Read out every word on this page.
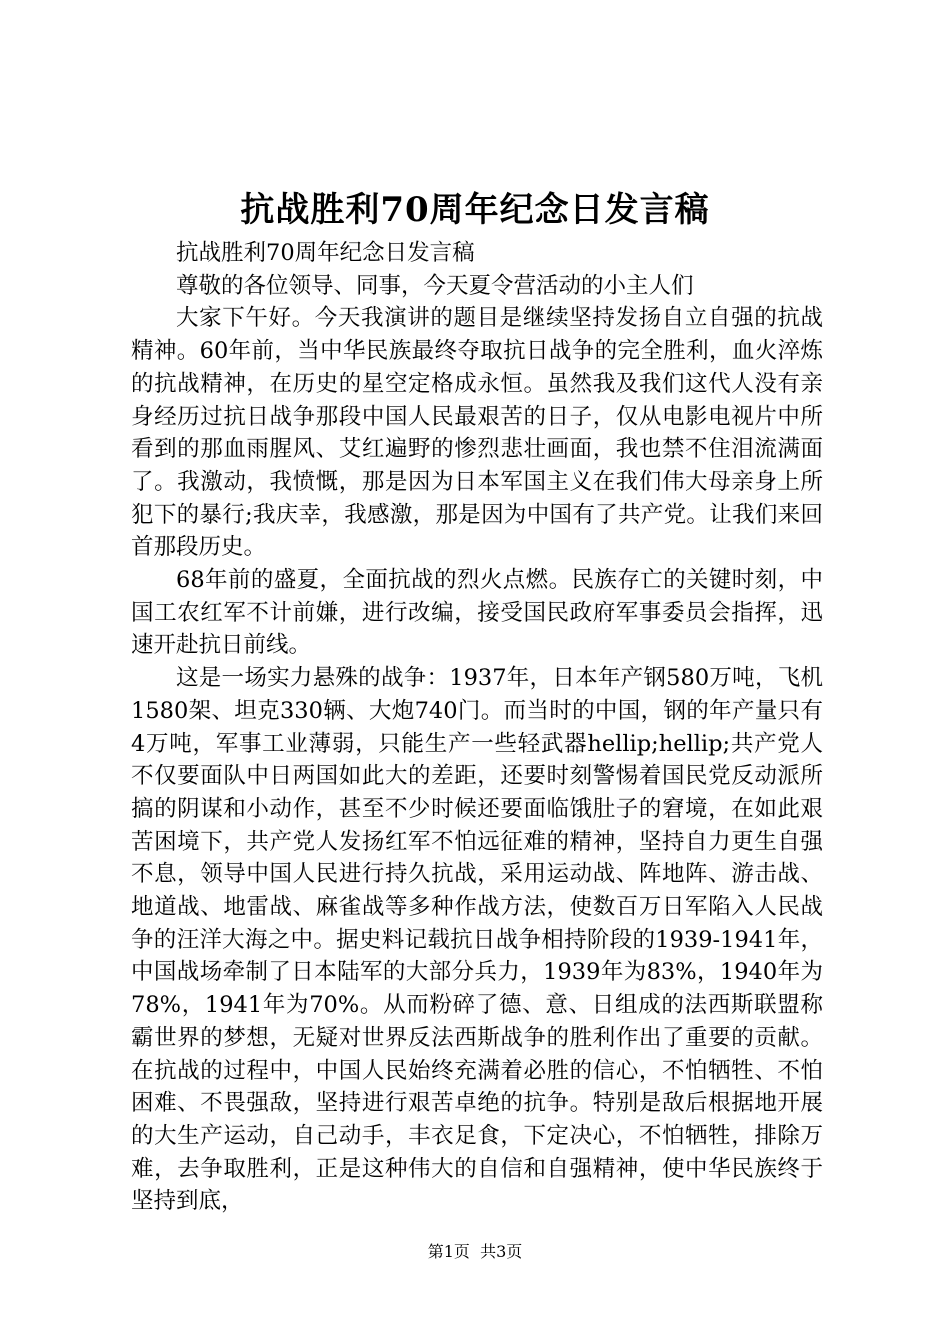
抗战胜利70周年纪念日发言稿

抗战胜利70周年纪念日发言稿

尊敬的各位领导、同事，今天夏令营活动的小主人们

大家下午好。今天我演讲的题目是继续坚持发扬自立自强的抗战精神。60年前，当中华民族最终夺取抗日战争的完全胜利，血火淬炼的抗战精神，在历史的星空定格成永恒。虽然我及我们这代人没有亲身经历过抗日战争那段中国人民最艰苦的日子，仅从电影电视片中所看到的那血雨腥风、艾红遍野的惨烈悲壮画面，我也禁不住泪流满面了。我激动，我愤慨，那是因为日本军国主义在我们伟大母亲身上所犯下的暴行;我庆幸，我感激，那是因为中国有了共产党。让我们来回首那段历史。

68年前的盛夏，全面抗战的烈火点燃。民族存亡的关键时刻，中国工农红军不计前嫌，进行改编，接受国民政府军事委员会指挥，迅速开赴抗日前线。

这是一场实力悬殊的战争：1937年，日本年产钢580万吨，飞机1580架、坦克330辆、大炮740门。而当时的中国，钢的年产量只有4万吨，军事工业薄弱，只能生产一些轻武器hellip;hellip;共产党人不仅要面队中日两国如此大的差距，还要时刻警惕着国民党反动派所搞的阴谋和小动作，甚至不少时候还要面临饿肚子的窘境，在如此艰苦困境下，共产党人发扬红军不怕远征难的精神，坚持自力更生自强不息，领导中国人民进行持久抗战，采用运动战、阵地阵、游击战、地道战、地雷战、麻雀战等多种作战方法，使数百万日军陷入人民战争的汪洋大海之中。据史料记载抗日战争相持阶段的1939-1941年，中国战场牵制了日本陆军的大部分兵力，1939年为83%，1940年为78%，1941年为70%。从而粉碎了德、意、日组成的法西斯联盟称霸世界的梦想，无疑对世界反法西斯战争的胜利作出了重要的贡献。在抗战的过程中，中国人民始终充满着必胜的信心，不怕牺牲、不怕困难、不畏强敌，坚持进行艰苦卓绝的抗争。特别是敌后根据地开展的大生产运动，自己动手，丰衣足食，下定决心，不怕牺牲，排除万难，去争取胜利，正是这种伟大的自信和自强精神，使中华民族终于坚持到底，

第1页 共3页
